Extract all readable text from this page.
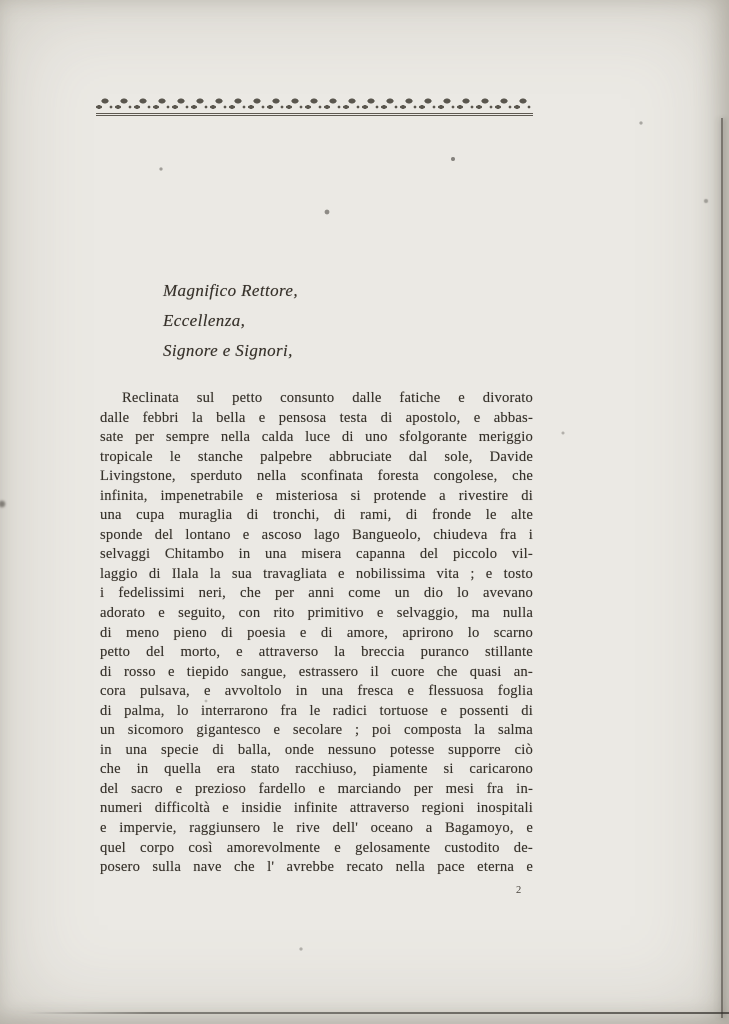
Magnifico Rettore,
Eccellenza,
Signore e Signori,
Reclinata sul petto consunto dalle fatiche e divorato
dalle febbri la bella e pensosa testa di apostolo, e abbas-
sate per sempre nella calda luce di uno sfolgorante meriggio
tropicale le stanche palpebre abbruciate dal sole, Davide
Livingstone, sperduto nella sconfinata foresta congolese, che
infinita, impenetrabile e misteriosa si protende a rivestire di
una cupa muraglia di tronchi, di rami, di fronde le alte
sponde del lontano e ascoso lago Bangueolo, chiudeva fra i
selvaggi Chitambo in una misera capanna del piccolo vil-
laggio di Ilala la sua travagliata e nobilissima vita ; e tosto
i fedelissimi neri, che per anni come un dio lo avevano
adorato e seguito, con rito primitivo e selvaggio, ma nulla
di meno pieno di poesia e di amore, aprirono lo scarno
petto del morto, e attraverso la breccia puranco stillante
di rosso e tiepido sangue, estrassero il cuore che quasi an-
cora pulsava, e avvoltolo in una fresca e flessuosa foglia
di palma, lo interrarono fra le radici tortuose e possenti di
un sicomoro gigantesco e secolare ; poi composta la salma
in una specie di balla, onde nessuno potesse supporre ciò
che in quella era stato racchiuso, piamente si caricarono
del sacro e prezioso fardello e marciando per mesi fra in-
numeri difficoltà e insidie infinite attraverso regioni inospitali
e impervie, raggiunsero le rive dell' oceano a Bagamoyo, e
quel corpo così amorevolmente e gelosamente custodito de-
posero sulla nave che l' avrebbe recato nella pace eterna e
2
